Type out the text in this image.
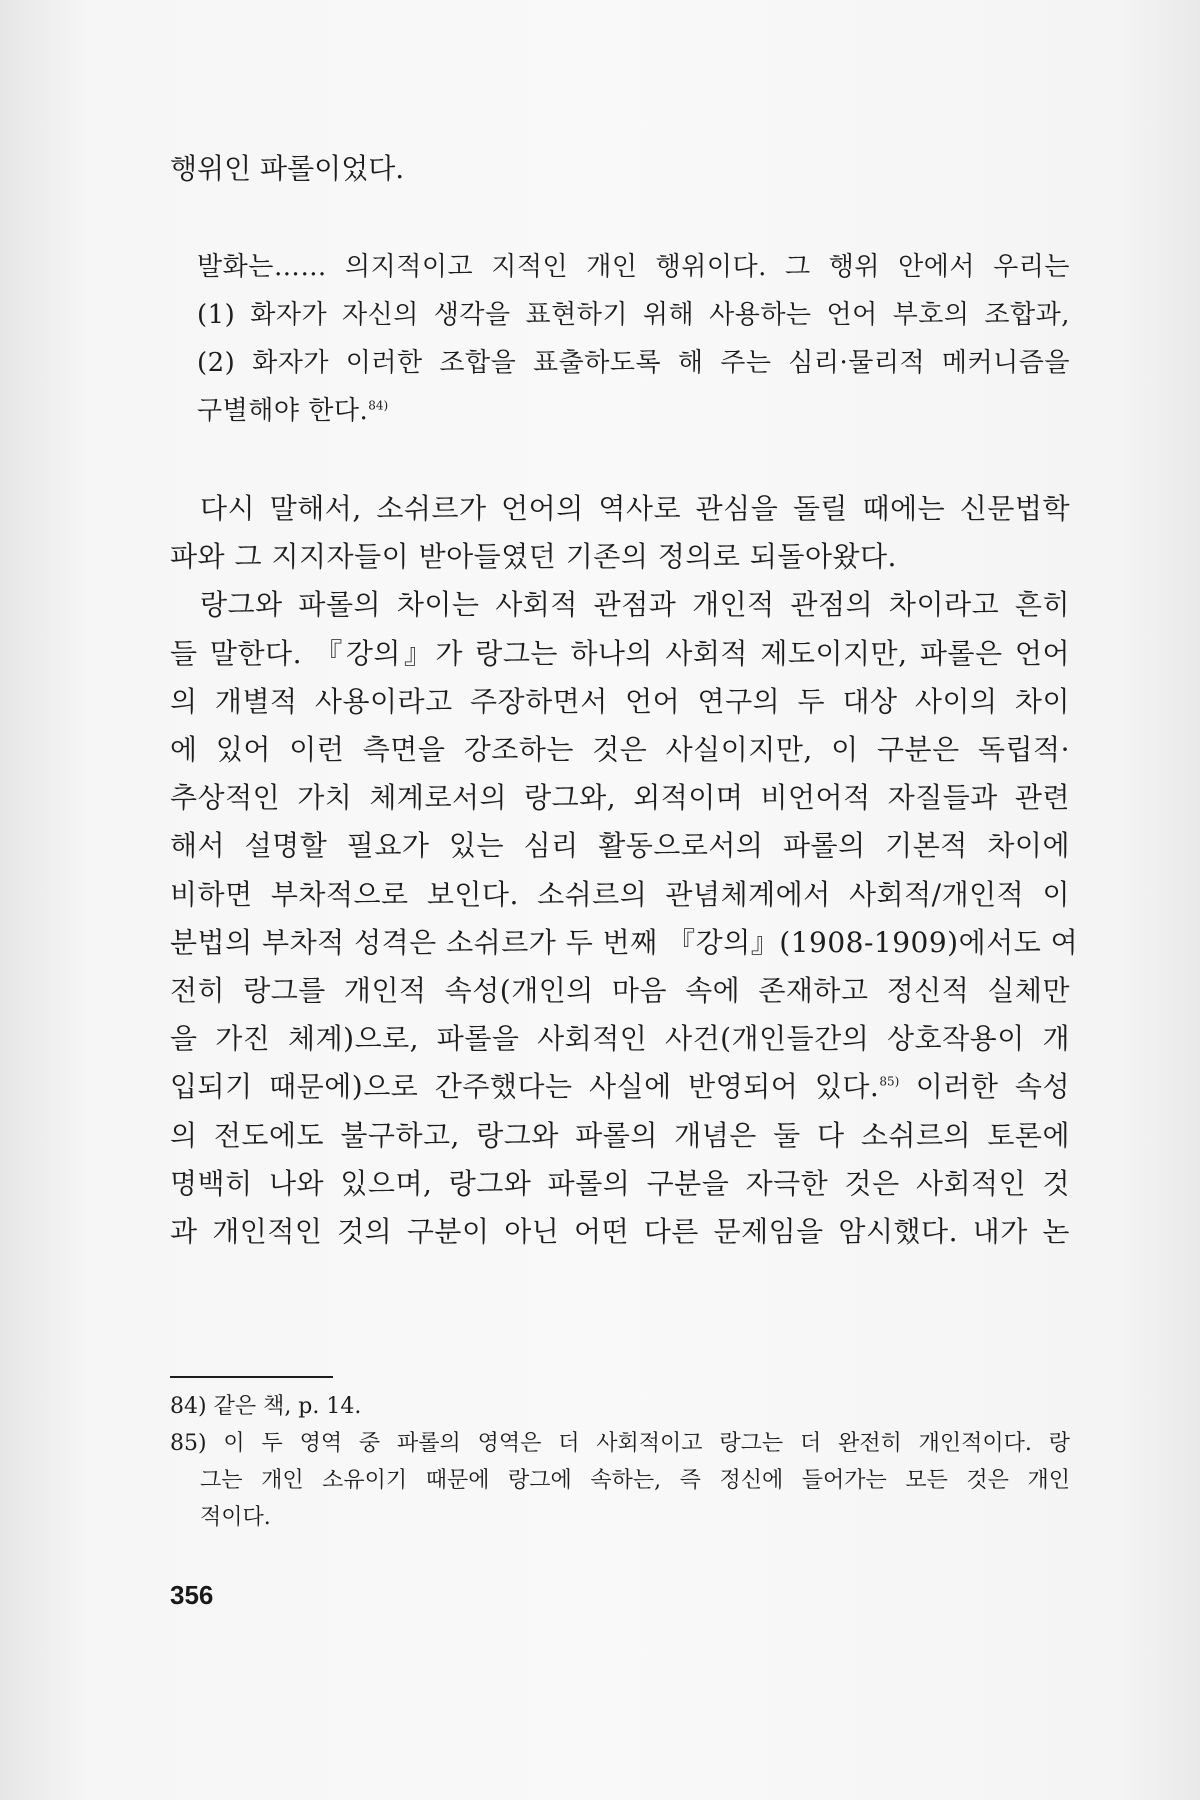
행위인 파롤이었다.
발화는…… 의지적이고 지적인 개인 행위이다. 그 행위 안에서 우리는
(1) 화자가 자신의 생각을 표현하기 위해 사용하는 언어 부호의 조합과,
(2) 화자가 이러한 조합을 표출하도록 해 주는 심리·물리적 메커니즘을
구별해야 한다.$^{84)}$
다시 말해서, 소쉬르가 언어의 역사로 관심을 돌릴 때에는 신문법학
파와 그 지지자들이 받아들였던 기존의 정의로 되돌아왔다.
랑그와 파롤의 차이는 사회적 관점과 개인적 관점의 차이라고 흔히
들 말한다. 『강의』가 랑그는 하나의 사회적 제도이지만, 파롤은 언어
의 개별적 사용이라고 주장하면서 언어 연구의 두 대상 사이의 차이
에 있어 이런 측면을 강조하는 것은 사실이지만, 이 구분은 독립적·
추상적인 가치 체계로서의 랑그와, 외적이며 비언어적 자질들과 관련
해서 설명할 필요가 있는 심리 활동으로서의 파롤의 기본적 차이에
비하면 부차적으로 보인다. 소쉬르의 관념체계에서 사회적/개인적 이
분법의 부차적 성격은 소쉬르가 두 번째 『강의』(1908-1909)에서도 여
전히 랑그를 개인적 속성(개인의 마음 속에 존재하고 정신적 실체만
을 가진 체계)으로, 파롤을 사회적인 사건(개인들간의 상호작용이 개
입되기 때문에)으로 간주했다는 사실에 반영되어 있다.$^{85)}$ 이러한 속성
의 전도에도 불구하고, 랑그와 파롤의 개념은 둘 다 소쉬르의 토론에
명백히 나와 있으며, 랑그와 파롤의 구분을 자극한 것은 사회적인 것
과 개인적인 것의 구분이 아닌 어떤 다른 문제임을 암시했다. 내가 논
84) 같은 책, p. 14.
85) 이 두 영역 중 파롤의 영역은 더 사회적이고 랑그는 더 완전히 개인적이다. 랑
그는 개인 소유이기 때문에 랑그에 속하는, 즉 정신에 들어가는 모든 것은 개인
적이다.
356
